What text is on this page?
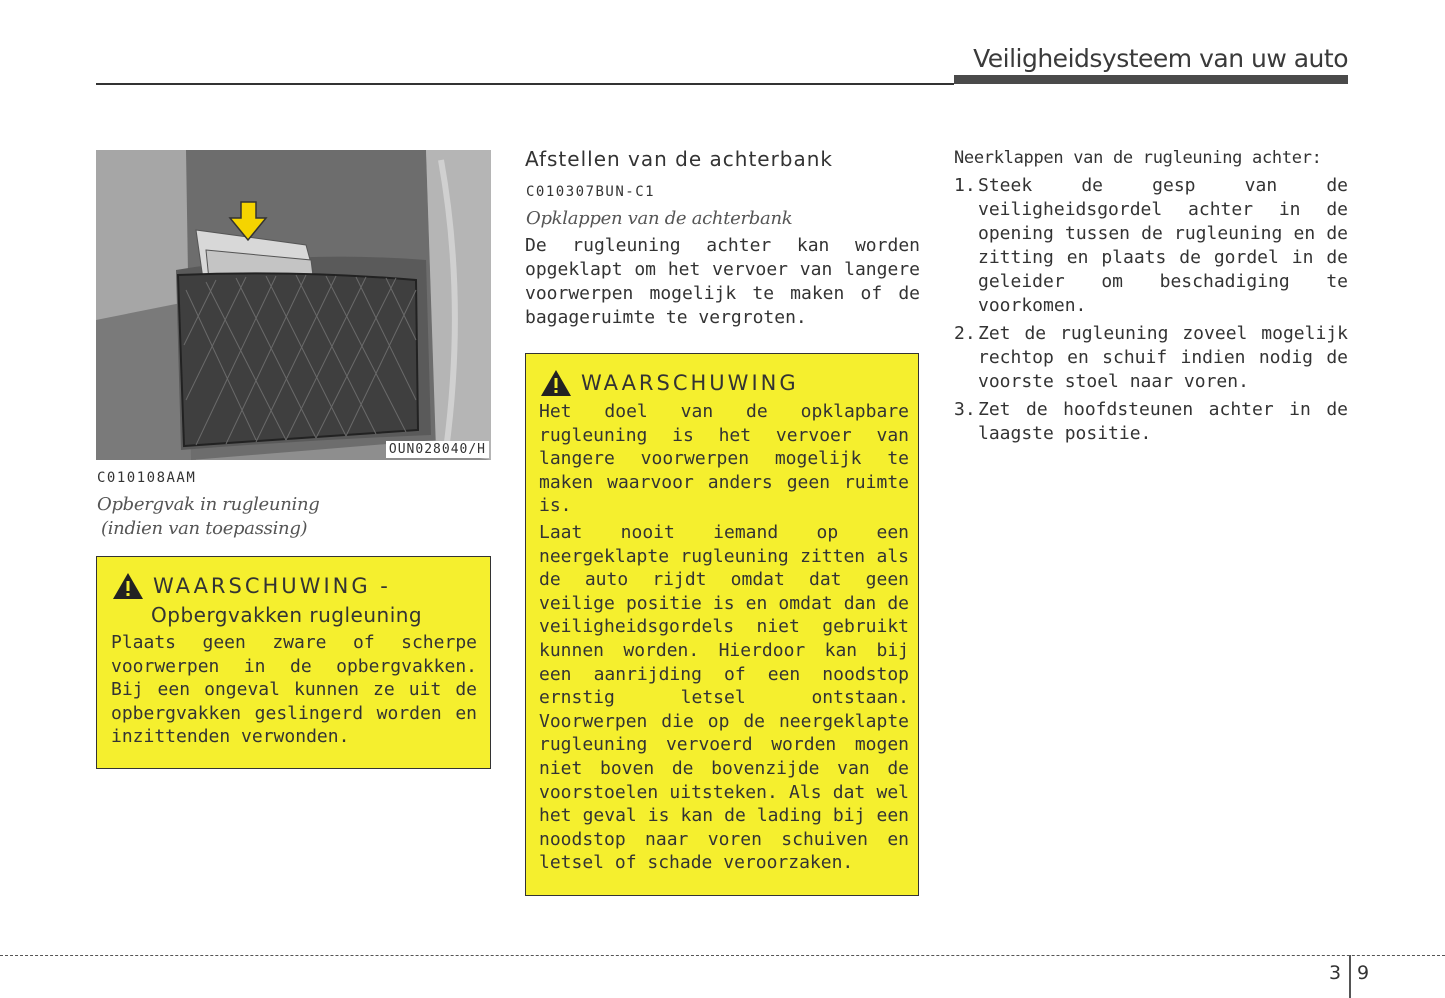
Veiligheidsysteem van uw auto
OUN028040/H
C010108AAM
Opbergvak in rugleuning
(indien van toepassing)
WAARSCHUWING -
Opbergvakken rugleuning
Plaats geen zware of scherpe voorwerpen in de opbergvakken. Bij een ongeval kunnen ze uit de opbergvakken geslingerd worden en inzittenden verwonden.
Afstellen van de achterbank
C010307BUN-C1
Opklappen van de achterbank
De rugleuning achter kan worden opgeklapt om het vervoer van langere voorwerpen mogelijk te maken of de bagageruimte te vergroten.
WAARSCHUWING
Het doel van de opklapbare rugleuning is het vervoer van langere voorwerpen mogelijk te maken waarvoor anders geen ruimte is.
Laat nooit iemand op een neergeklapte rugleuning zitten als de auto rijdt omdat dat geen veilige positie is en omdat dan de veiligheidsgordels niet gebruikt kunnen worden. Hierdoor kan bij een aanrijding of een noodstop ernstig letsel ontstaan. Voorwerpen die op de neergeklapte rugleuning vervoerd worden mogen niet boven de bovenzijde van de voorstoelen uitsteken. Als dat wel het geval is kan de lading bij een noodstop naar voren schuiven en letsel of schade veroorzaken.
Neerklappen van de rugleuning achter:
1. Steek de gesp van de veiligheidsgordel achter in de opening tussen de rugleuning en de zitting en plaats de gordel in de geleider om beschadiging te voorkomen.
2. Zet de rugleuning zoveel mogelijk rechtop en schuif indien nodig de voorste stoel naar voren.
3. Zet de hoofdsteunen achter in de laagste positie.
3 9
